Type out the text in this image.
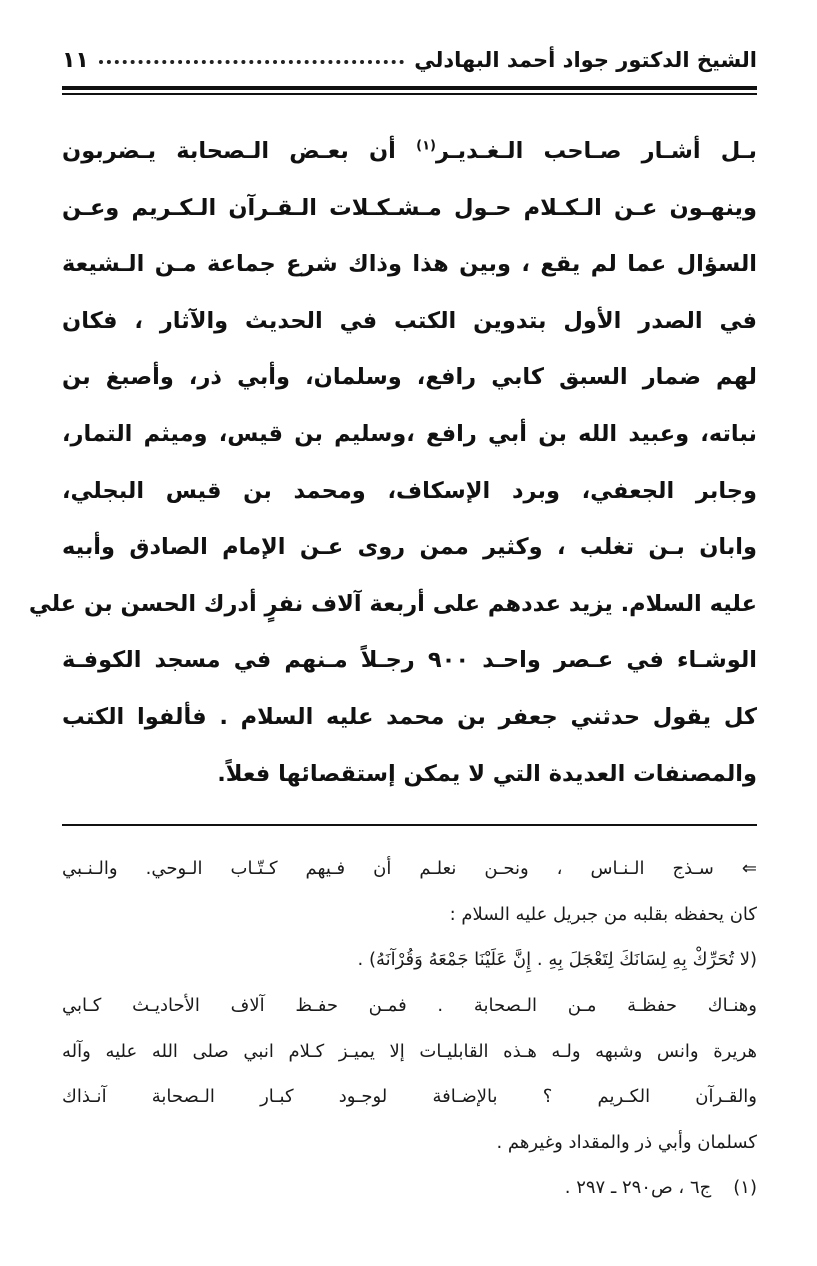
الشيخ الدكتور جواد أحمد البهادلي
١١
بـل أشـار صـاحب الـغـديـر$^{(١)}$ أن بعـض الـصحابة يـضربون
وينهـون عـن الـكـلام حـول مـشـكـلات الـقـرآن الـكـريم وعـن
السؤال عما لم يقع ، وبين هذا وذاك شرع جماعة مـن الـشيعة
في الصدر الأول بتدوين الكتب في الحديث والآثار ، فكان
لهم ضمار السبق كابي رافع، وسلمان، وأبي ذر، وأصبغ بن
نباته، وعبيد الله بن أبي رافع ،وسليم بن قيس، وميثم التمار،
وجابر الجعفي، وبرد الإسكاف، ومحمد بن قيس البجلي،
وابان بـن تغلب ، وكثير ممن روى عـن الإمام الصادق وأبيه
عليه السلام. يزيد عددهم على أربعة آلاف نفرٍ أدرك الحسن بن علي
الوشـاء في عـصر واحـد ٩٠٠ رجـلاً مـنهم في مسجد الكوفـة
كل يقول حدثني جعفر بن محمد عليه السلام . فألفوا الكتب
والمصنفات العديدة التي لا يمكن إستقصائها فعلاً.
⇐ سـذج الـنـاس ، ونحـن نعلـم أن فـيهم كـتّـاب الـوحي. والـنـبي
كان يحفظه بقلبه من جبريل عليه السلام :
(لا تُحَرِّكْ بِهِ لِسَانَكَ لِتَعْجَلَ بِهِ . إِنَّ عَلَيْنَا جَمْعَهُ وَقُرْآنَهُ) .
وهنـاك حفظـة مـن الـصحابة . فمـن حفـظ آلاف الأحاديـث كـابي
هريرة وانس وشبهه ولـه هـذه القابليـات إلا يميـز كـلام انبي صلى الله عليه وآله
والقـرآن الكـريم ؟ بالإضـافة لوجـود كبـار الـصحابة آنـذاك
كسلمان وأبي ذر والمقداد وغيرهم .
(١)ج٦ ، ص٢٩٠ ـ ٢٩٧ .
